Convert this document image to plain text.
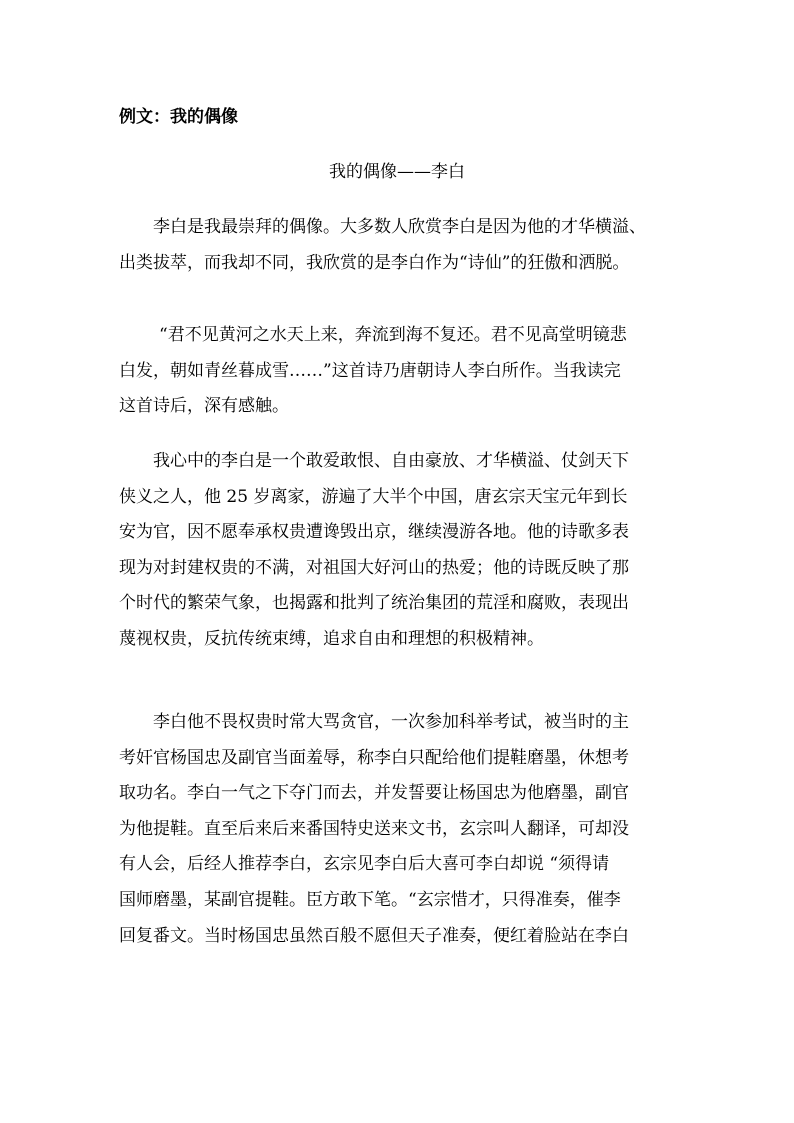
例文：我的偶像
我的偶像——李白
李白是我最崇拜的偶像。大多数人欣赏李白是因为他的才华横溢、
出类拔萃，而我却不同，我欣赏的是李白作为“诗仙”的狂傲和洒脱。
“君不见黄河之水天上来，奔流到海不复还。君不见高堂明镜悲
白发，朝如青丝暮成雪……”这首诗乃唐朝诗人李白所作。当我读完
这首诗后，深有感触。
我心中的李白是一个敢爱敢恨、自由豪放、才华横溢、仗剑天下
侠义之人，他 25 岁离家，游遍了大半个中国，唐玄宗天宝元年到长
安为官，因不愿奉承权贵遭谗毁出京，继续漫游各地。他的诗歌多表
现为对封建权贵的不满，对祖国大好河山的热爱；他的诗既反映了那
个时代的繁荣气象，也揭露和批判了统治集团的荒淫和腐败，表现出
蔑视权贵，反抗传统束缚，追求自由和理想的积极精神。
李白他不畏权贵时常大骂贪官，一次参加科举考试，被当时的主
考奸官杨国忠及副官当面羞辱，称李白只配给他们提鞋磨墨，休想考
取功名。李白一气之下夺门而去，并发誓要让杨国忠为他磨墨，副官
为他提鞋。直至后来后来番国特史送来文书，玄宗叫人翻译，可却没
有人会，后经人推荐李白，玄宗见李白后大喜可李白却说 “须得请
国师磨墨，某副官提鞋。臣方敢下笔。“玄宗惜才，只得准奏，催李
回复番文。当时杨国忠虽然百般不愿但天子准奏，便红着脸站在李白
